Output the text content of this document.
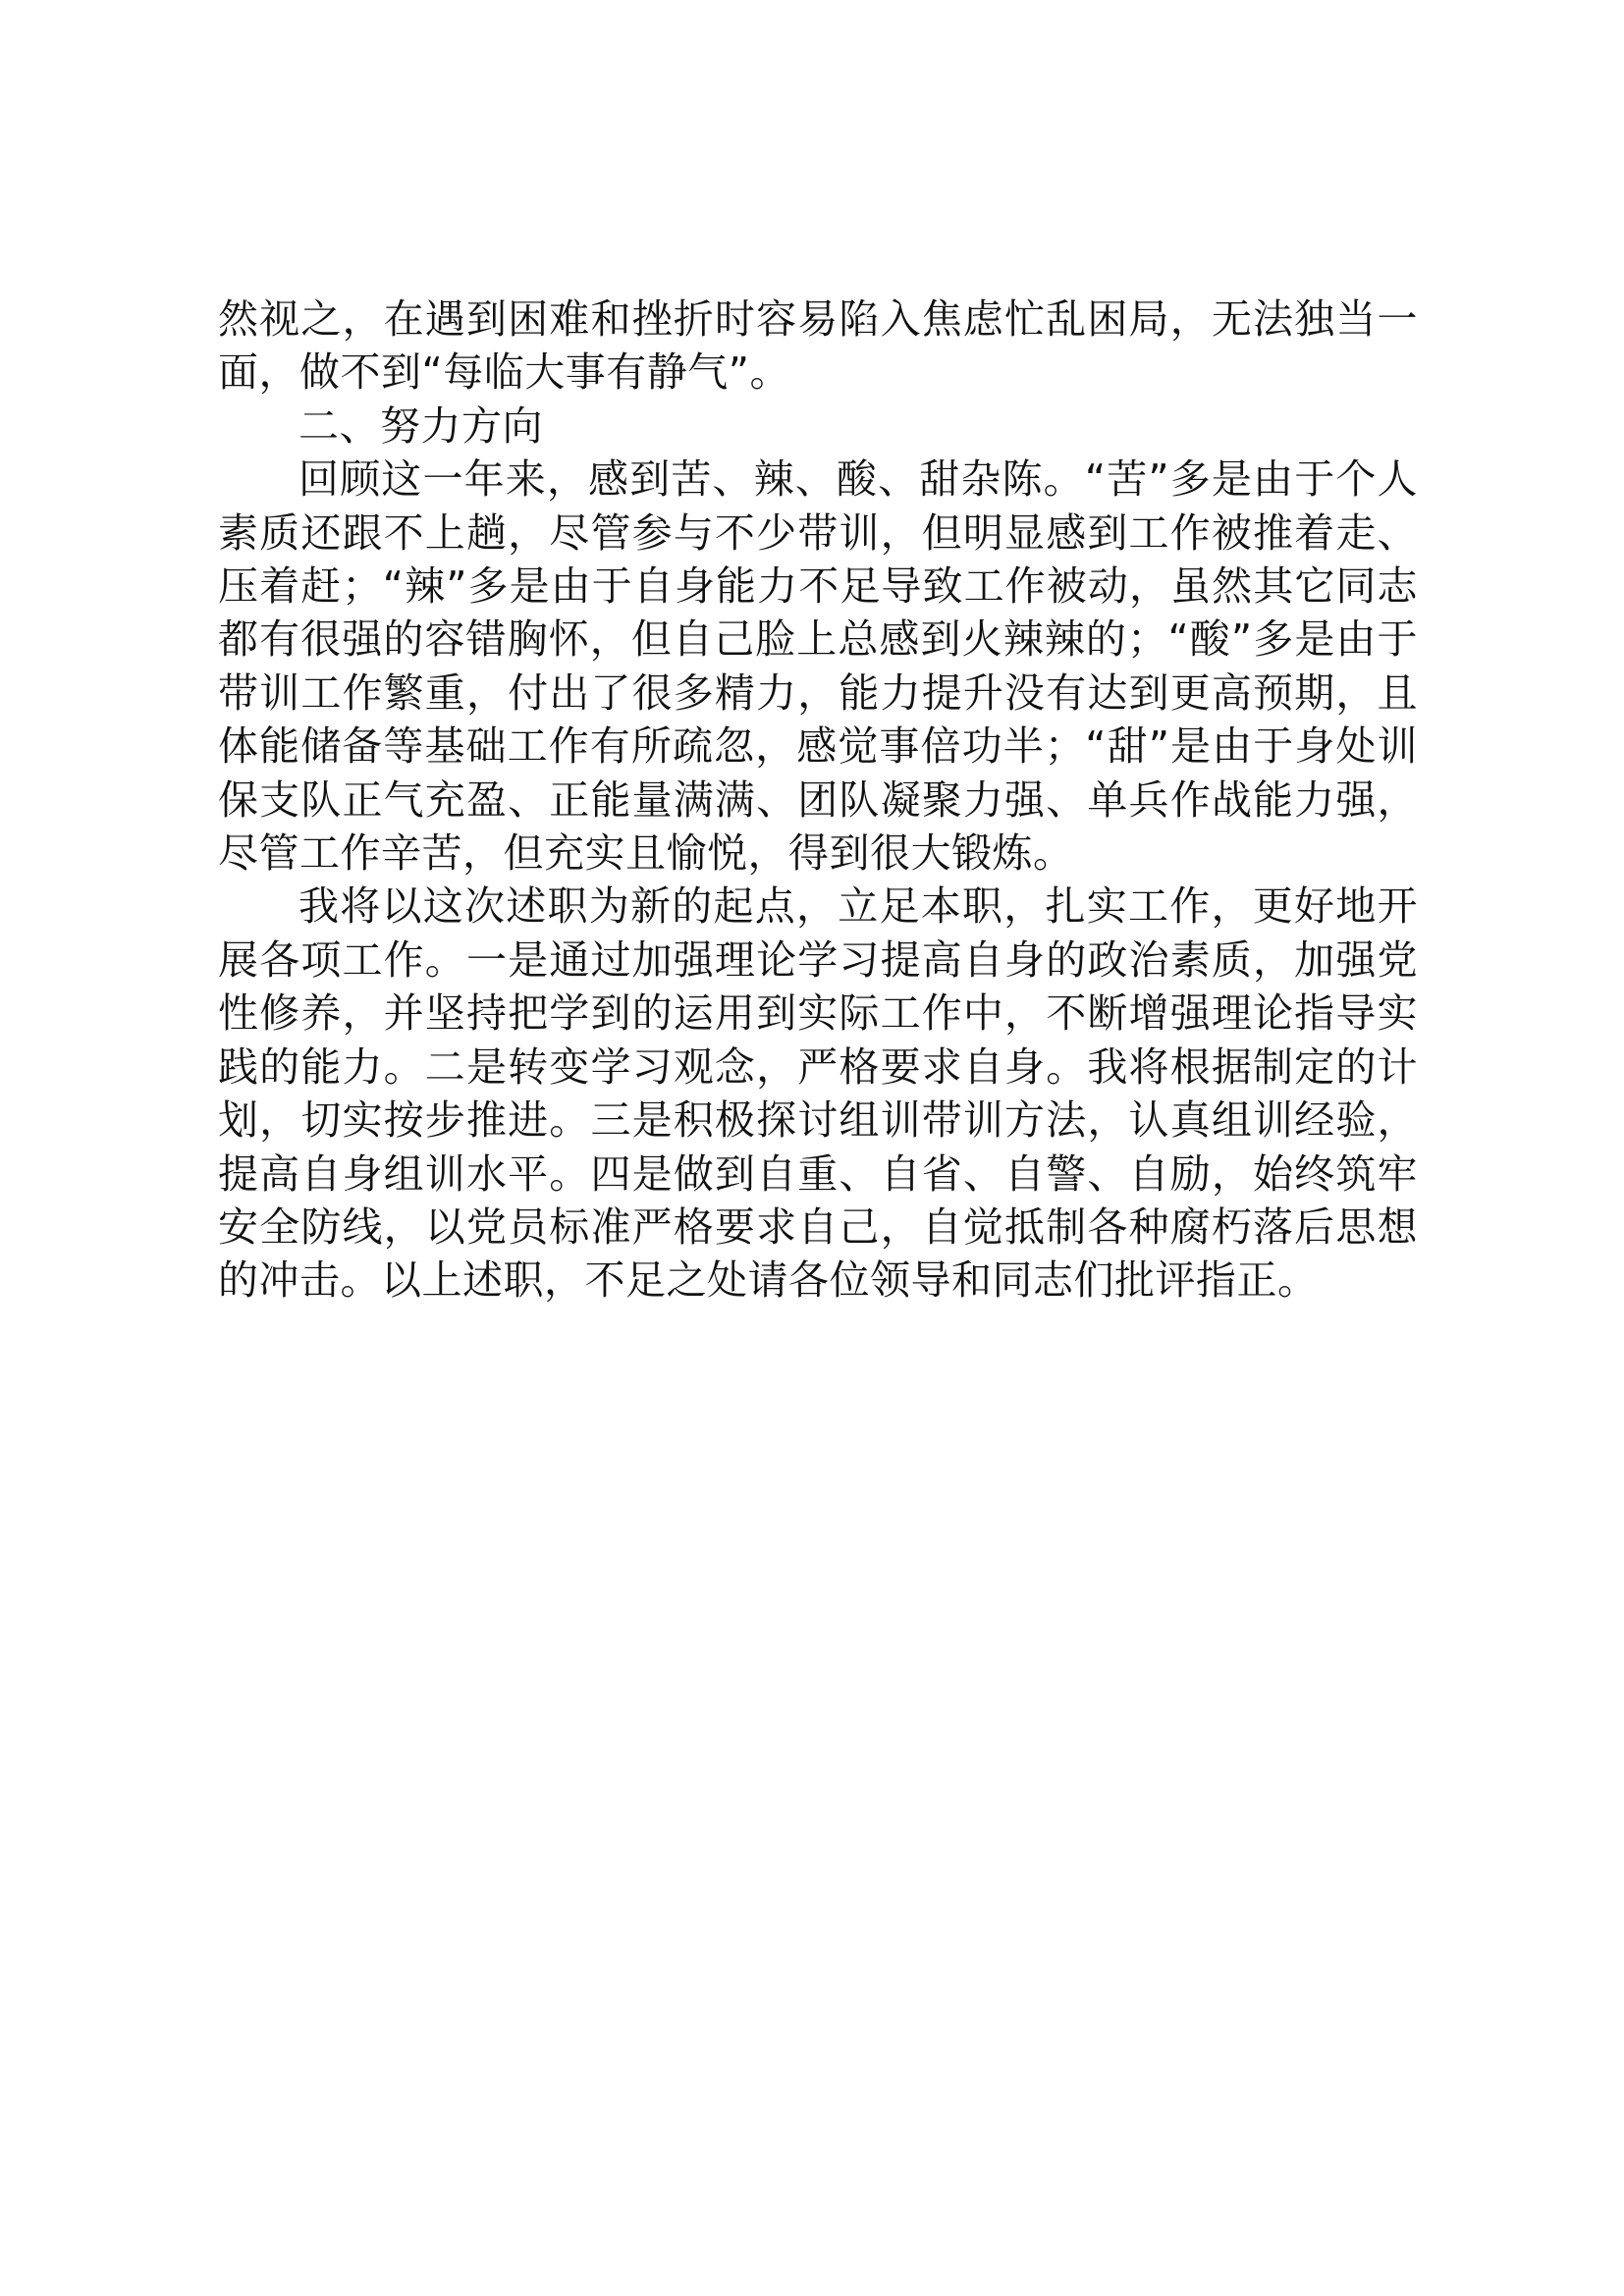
然视之，在遇到困难和挫折时容易陷入焦虑忙乱困局，无法独当一面，做不到“每临大事有静气”。

二、努力方向

回顾这一年来，感到苦、辣、酸、甜杂陈。“苦”多是由于个人素质还跟不上趟，尽管参与不少带训，但明显感到工作被推着走、压着赶；“辣”多是由于自身能力不足导致工作被动，虽然其它同志都有很强的容错胸怀，但自己脸上总感到火辣辣的；“酸”多是由于带训工作繁重，付出了很多精力，能力提升没有达到更高预期，且体能储备等基础工作有所疏忽，感觉事倍功半；“甜”是由于身处训保支队正气充盈、正能量满满、团队凝聚力强、单兵作战能力强，尽管工作辛苦，但充实且愉悦，得到很大锻炼。

我将以这次述职为新的起点，立足本职，扎实工作，更好地开展各项工作。一是通过加强理论学习提高自身的政治素质，加强党性修养，并坚持把学到的运用到实际工作中，不断增强理论指导实践的能力。二是转变学习观念，严格要求自身。我将根据制定的计划，切实按步推进。三是积极探讨组训带训方法，认真组训经验，提高自身组训水平。四是做到自重、自省、自警、自励，始终筑牢安全防线，以党员标准严格要求自己，自觉抵制各种腐朽落后思想的冲击。以上述职，不足之处请各位领导和同志们批评指正。
